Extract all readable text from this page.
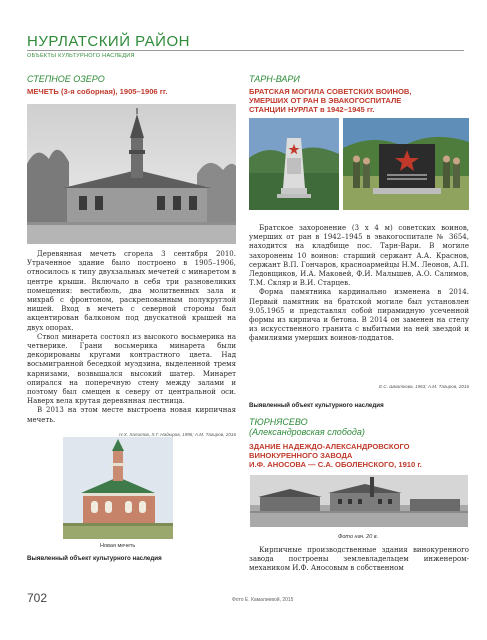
НУРЛАТСКИЙ РАЙОН
ОБЪЕКТЫ КУЛЬТУРНОГО НАСЛЕДИЯ
СТЕПНОЕ ОЗЕРО
МЕЧЕТЬ (3-я соборная), 1905–1906 гг.

Деревянная мечеть сгорела 3 сентября 2010. Утраченное здание было построено в 1905–1906, относилось к типу двухзальных мечетей с минаретом в центре крыши. Включало в себя три разновеликих помещения: вестибюль, два молитвенных зала и михраб с фронтоном, раскрепованным полукруглой нишей. Вход в мечеть с северной стороны был акцентирован балконом под двускатной крышей на двух опорах.

Ствол минарета состоял из высокого восьмерика на четверике. Грани восьмерика минарета были декорированы кругами контрастного цвета. Над восьмигранной беседкой муэдзина, выделенной тремя карнизами, возвышался высокий шатер. Минарет опирался на поперечную стену между залами и поэтому был смещен к северу от центральной оси. Наверх вела крутая деревянная лестница.

В 2013 на этом месте выстроена новая кирпичная мечеть.

Н.Х. Халитов, Х.Г. Надыров, 1996; А.М. Тагиров, 2016
Новая мечеть
Выявленный объект культурного наследия
ТАРН-ВАРИ
БРАТСКАЯ МОГИЛА СОВЕТСКИХ ВОИНОВ,
УМЕРШИХ ОТ РАН В ЭВАКОГОСПИТАЛЕ
СТАНЦИИ НУРЛАТ в 1942–1945 гг.

Братское захоронение (3 х 4 м) советских воинов, умерших от ран в 1942–1945 в эвакогоспитале № 3654, находится на кладбище пос. Тарн-Вари. В могиле захоронены 10 воинов: старший сержант А.А. Краснов, сержант В.П. Гончаров, красноармейцы Н.М. Леонов, А.П. Ледовщиков, И.А. Маковей, Ф.И. Малышев, А.О. Салимов, Т.М. Скляр и В.И. Старцев.

Форма памятника кардинально изменена в 2014. Первый памятник на братской могиле был установлен 9.05.1965 и представлял собой пирамидную усеченной формы из кирпича и бетона. В 2014 он заменен на стелу из искусственного гранита с выбитыми на ней звездой и фамилиями умерших воинов-лоддатов.

Е.С. Шматкова, 1963; А.М. Тагиров, 2016
Выявленный объект культурного наследия
ТЮРНЯСЕВО
(Александровская слобода)
ЗДАНИЕ НАДЕЖДО-АЛЕКСАНДРОВСКОГО
ВИНОКУРЕННОГО ЗАВОДА
И.Ф. АНОСОВА — С.А. ОБОЛЕНСКОГО, 1910 г.
Фото нач. 20 в.

Кирпичные производственные здания винокуренного завода построены землевладельцем инженером-механиком И.Ф. Аносовым в собственном

702	Фото Е. Камалиевой, 2015
